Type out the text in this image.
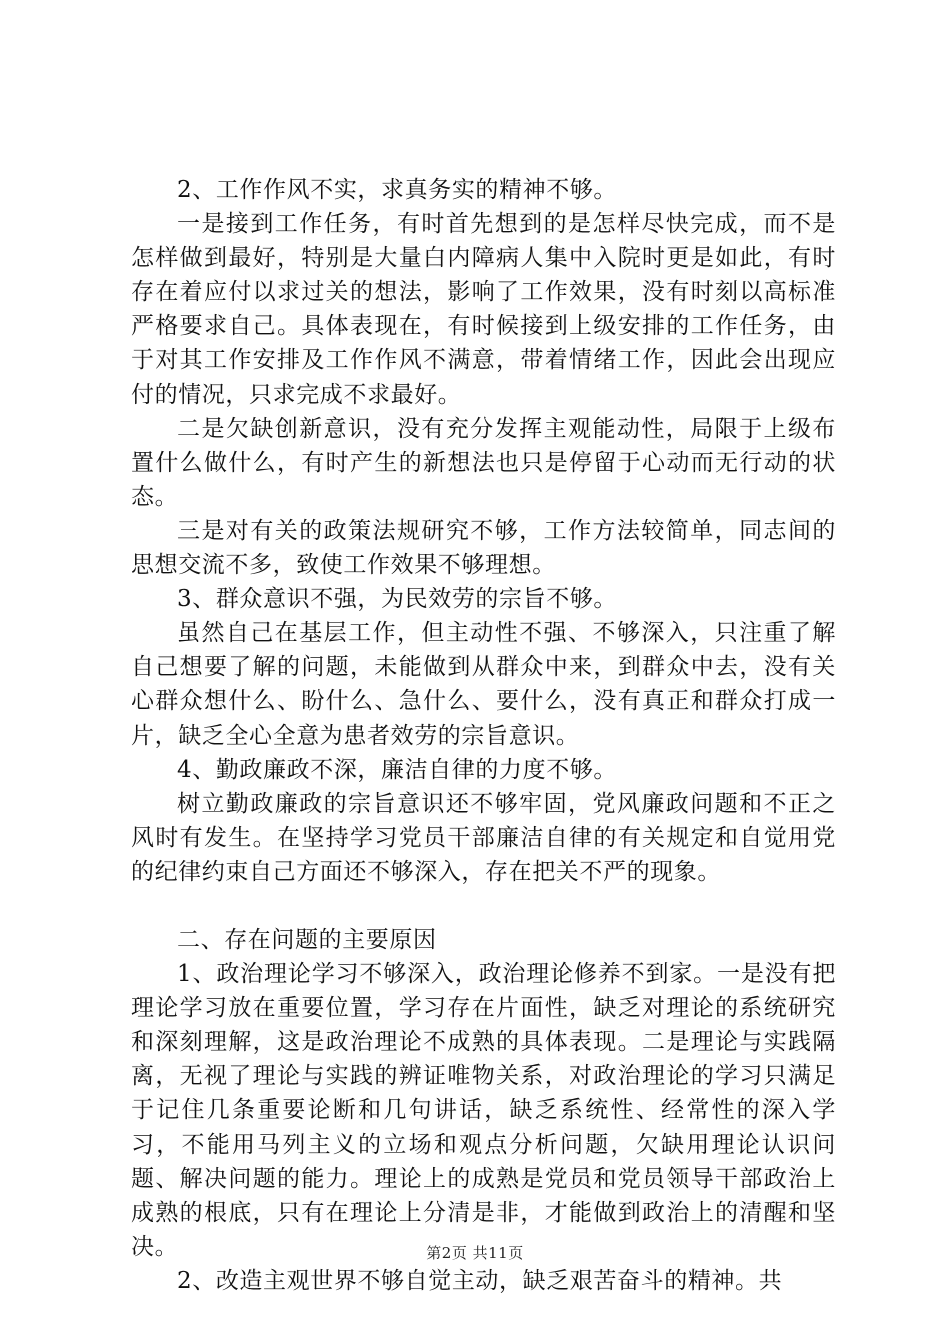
2、工作作风不实，求真务实的精神不够。

一是接到工作任务，有时首先想到的是怎样尽快完成，而不是怎样做到最好，特别是大量白内障病人集中入院时更是如此，有时存在着应付以求过关的想法，影响了工作效果，没有时刻以高标准严格要求自己。具体表现在，有时候接到上级安排的工作任务，由于对其工作安排及工作作风不满意，带着情绪工作，因此会出现应付的情况，只求完成不求最好。

二是欠缺创新意识，没有充分发挥主观能动性，局限于上级布置什么做什么，有时产生的新想法也只是停留于心动而无行动的状态。

三是对有关的政策法规研究不够，工作方法较简单，同志间的思想交流不多，致使工作效果不够理想。

3、群众意识不强，为民效劳的宗旨不够。

虽然自己在基层工作，但主动性不强、不够深入，只注重了解自己想要了解的问题，未能做到从群众中来，到群众中去，没有关心群众想什么、盼什么、急什么、要什么，没有真正和群众打成一片，缺乏全心全意为患者效劳的宗旨意识。

4、勤政廉政不深，廉洁自律的力度不够。

树立勤政廉政的宗旨意识还不够牢固，党风廉政问题和不正之风时有发生。在坚持学习党员干部廉洁自律的有关规定和自觉用党的纪律约束自己方面还不够深入，存在把关不严的现象。

二、存在问题的主要原因

1、政治理论学习不够深入，政治理论修养不到家。一是没有把理论学习放在重要位置，学习存在片面性，缺乏对理论的系统研究和深刻理解，这是政治理论不成熟的具体表现。二是理论与实践隔离，无视了理论与实践的辨证唯物关系，对政治理论的学习只满足于记住几条重要论断和几句讲话，缺乏系统性、经常性的深入学习，不能用马列主义的立场和观点分析问题，欠缺用理论认识问题、解决问题的能力。理论上的成熟是党员和党员领导干部政治上成熟的根底，只有在理论上分清是非，才能做到政治上的清醒和坚决。

2、改造主观世界不够自觉主动，缺乏艰苦奋斗的精神。共

第2页 共11页
